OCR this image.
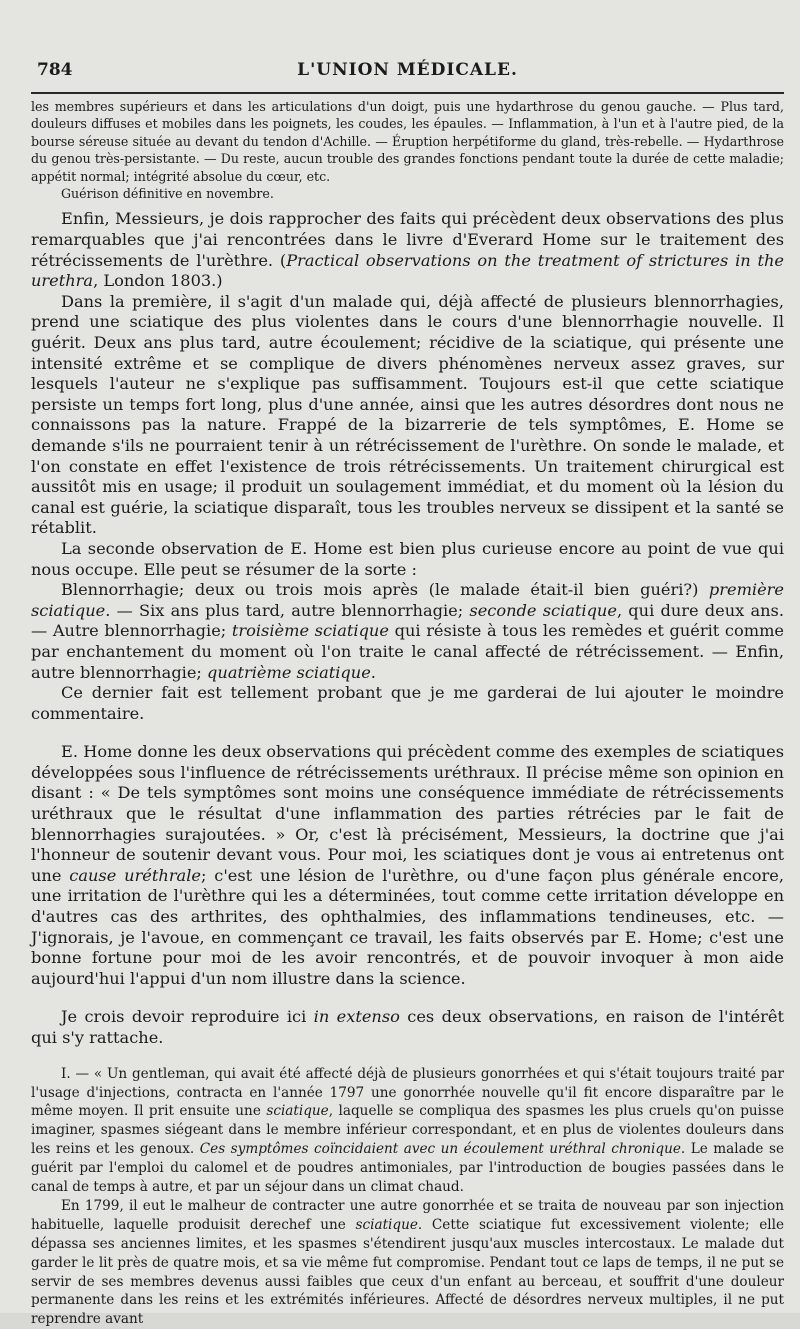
784	L'UNION MÉDICALE.

les membres supérieurs et dans les articulations d'un doigt, puis une hydarthrose du genou gauche. — Plus tard, douleurs diffuses et mobiles dans les poignets, les coudes, les épaules. — Inflammation, à l'un et à l'autre pied, de la bourse séreuse située au devant du tendon d'Achille. — Éruption herpétiforme du gland, très-rebelle. — Hydarthrose du genou très-persistante. — Du reste, aucun trouble des grandes fonctions pendant toute la durée de cette maladie; appétit normal; intégrité absolue du cœur, etc.

Guérison définitive en novembre.

Enfin, Messieurs, je dois rapprocher des faits qui précèdent deux observations des plus remarquables que j'ai rencontrées dans le livre d'Everard Home sur le traitement des rétrécissements de l'urèthre. (Practical observations on the treatment of strictures in the urethra, London 1803.)

Dans la première, il s'agit d'un malade qui, déjà affecté de plusieurs blennorrhagies, prend une sciatique des plus violentes dans le cours d'une blennorrhagie nouvelle. Il guérit. Deux ans plus tard, autre écoulement; récidive de la sciatique, qui présente une intensité extrême et se complique de divers phénomènes nerveux assez graves, sur lesquels l'auteur ne s'explique pas suffisamment. Toujours est-il que cette sciatique persiste un temps fort long, plus d'une année, ainsi que les autres désordres dont nous ne connaissons pas la nature. Frappé de la bizarrerie de tels symptômes, E. Home se demande s'ils ne pourraient tenir à un rétrécissement de l'urèthre. On sonde le malade, et l'on constate en effet l'existence de trois rétrécissements. Un traitement chirurgical est aussitôt mis en usage; il produit un soulagement immédiat, et du moment où la lésion du canal est guérie, la sciatique disparaît, tous les troubles nerveux se dissipent et la santé se rétablit.

La seconde observation de E. Home est bien plus curieuse encore au point de vue qui nous occupe. Elle peut se résumer de la sorte :

Blennorrhagie; deux ou trois mois après (le malade était-il bien guéri?) première sciatique. — Six ans plus tard, autre blennorrhagie; seconde sciatique, qui dure deux ans. — Autre blennorrhagie; troisième sciatique qui résiste à tous les remèdes et guérit comme par enchantement du moment où l'on traite le canal affecté de rétrécissement. — Enfin, autre blennorrhagie; quatrième sciatique.

Ce dernier fait est tellement probant que je me garderai de lui ajouter le moindre commentaire.

E. Home donne les deux observations qui précèdent comme des exemples de sciatiques développées sous l'influence de rétrécissements uréthraux. Il précise même son opinion en disant : « De tels symptômes sont moins une conséquence immédiate de rétrécissements uréthraux que le résultat d'une inflammation des parties rétrécies par le fait de blennorrhagies surajoutées. » Or, c'est là précisément, Messieurs, la doctrine que j'ai l'honneur de soutenir devant vous. Pour moi, les sciatiques dont je vous ai entretenus ont une cause uréthrale; c'est une lésion de l'urèthre, ou d'une façon plus générale encore, une irritation de l'urèthre qui les a déterminées, tout comme cette irritation développe en d'autres cas des arthrites, des ophthalmies, des inflammations tendineuses, etc. — J'ignorais, je l'avoue, en commençant ce travail, les faits observés par E. Home; c'est une bonne fortune pour moi de les avoir rencontrés, et de pouvoir invoquer à mon aide aujourd'hui l'appui d'un nom illustre dans la science.

Je crois devoir reproduire ici in extenso ces deux observations, en raison de l'intérêt qui s'y rattache.

I. — « Un gentleman, qui avait été affecté déjà de plusieurs gonorrhées et qui s'était toujours traité par l'usage d'injections, contracta en l'année 1797 une gonorrhée nouvelle qu'il fit encore disparaître par le même moyen. Il prit ensuite une sciatique, laquelle se compliqua des spasmes les plus cruels qu'on puisse imaginer, spasmes siégeant dans le membre inférieur correspondant, et en plus de violentes douleurs dans les reins et les genoux. Ces symptômes coïncidaient avec un écoulement uréthral chronique. Le malade se guérit par l'emploi du calomel et de poudres antimoniales, par l'introduction de bougies passées dans le canal de temps à autre, et par un séjour dans un climat chaud.

En 1799, il eut le malheur de contracter une autre gonorrhée et se traita de nouveau par son injection habituelle, laquelle produisit derechef une sciatique. Cette sciatique fut excessivement violente; elle dépassa ses anciennes limites, et les spasmes s'étendirent jusqu'aux muscles intercostaux. Le malade dut garder le lit près de quatre mois, et sa vie même fut compromise. Pendant tout ce laps de temps, il ne put se servir de ses membres devenus aussi faibles que ceux d'un enfant au berceau, et souffrit d'une douleur permanente dans les reins et les extrémités inférieures. Affecté de désordres nerveux multiples, il ne put reprendre avant
